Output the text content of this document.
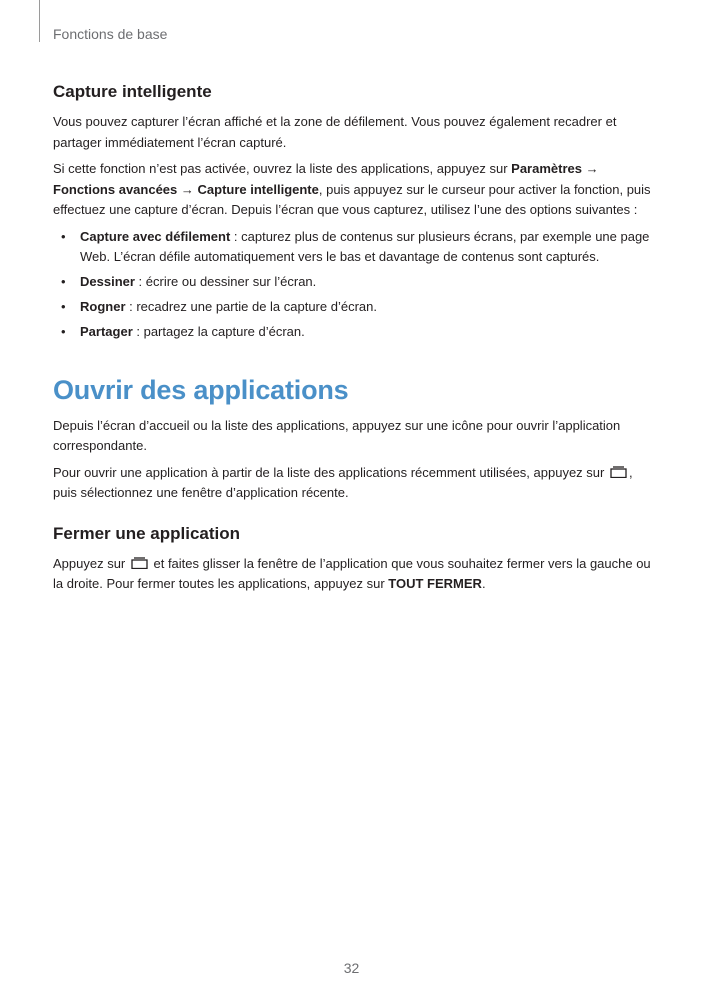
Fonctions de base
Capture intelligente

Vous pouvez capturer l’écran affiché et la zone de défilement. Vous pouvez également recadrer et partager immédiatement l’écran capturé.

Si cette fonction n’est pas activée, ouvrez la liste des applications, appuyez sur Paramètres →
Fonctions avancées → Capture intelligente, puis appuyez sur le curseur pour activer la fonction, puis effectuez une capture d’écran. Depuis l’écran que vous capturez, utilisez l’une des options suivantes :

• Capture avec défilement : capturez plus de contenus sur plusieurs écrans, par exemple une page Web. L’écran défile automatiquement vers le bas et davantage de contenus sont capturés.
• Dessiner : écrire ou dessiner sur l’écran.
• Rogner : recadrez une partie de la capture d’écran.
• Partager : partagez la capture d’écran.
Ouvrir des applications

Depuis l’écran d’accueil ou la liste des applications, appuyez sur une icône pour ouvrir l’application correspondante.

Pour ouvrir une application à partir de la liste des applications récemment utilisées, appuyez sur , puis sélectionnez une fenêtre d’application récente.

Fermer une application

Appuyez sur  et faites glisser la fenêtre de l’application que vous souhaitez fermer vers la gauche ou la droite. Pour fermer toutes les applications, appuyez sur TOUT FERMER.

32
